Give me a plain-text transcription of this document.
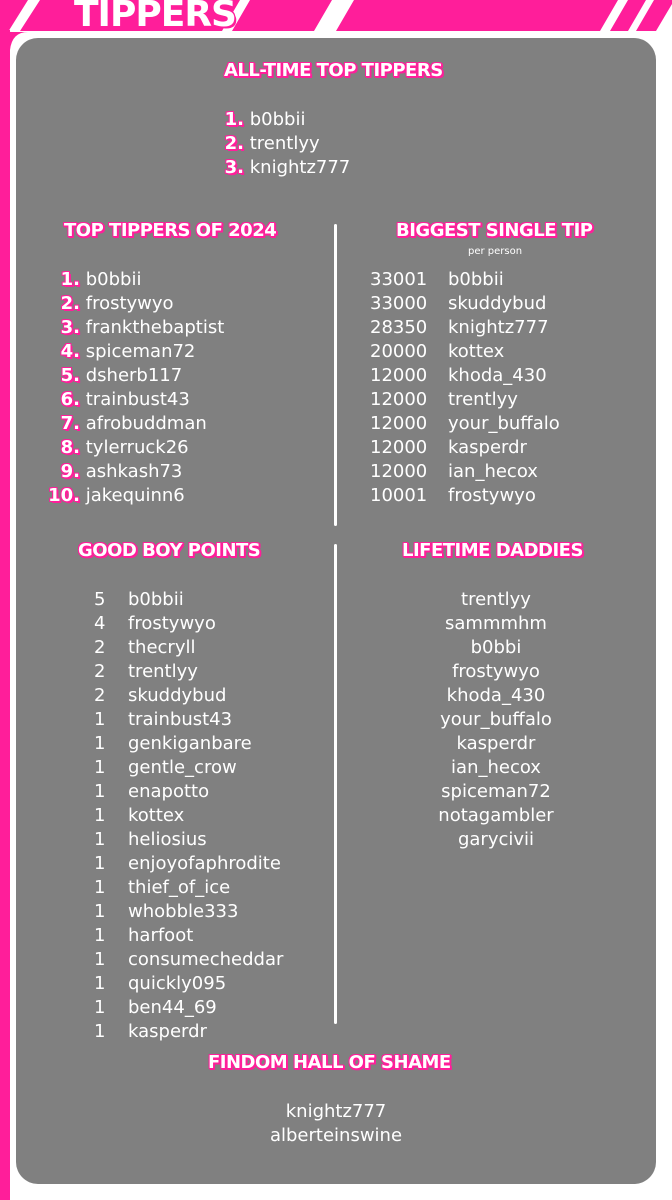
TIPPERS
ALL-TIME TOP TIPPERS
1. b0bbii
2. trentlyy
3. knightz777
TOP TIPPERS OF 2024
1. b0bbii
2. frostywyo
3. frankthebaptist
4. spiceman72
5. dsherb117
6. trainbust43
7. afrobuddman
8. tylerruck26
9. ashkash73
10. jakequinn6
BIGGEST SINGLE TIP
per person
33001 b0bbii
33000 skuddybud
28350 knightz777
20000 kottex
12000 khoda_430
12000 trentlyy
12000 your_buffalo
12000 kasperdr
12000 ian_hecox
10001 frostywyo
GOOD BOY POINTS
5 b0bbii
4 frostywyo
2 thecryll
2 trentlyy
2 skuddybud
1 trainbust43
1 genkiganbare
1 gentle_crow
1 enapotto
1 kottex
1 heliosius
1 enjoyofaphrodite
1 thief_of_ice
1 whobble333
1 harfoot
1 consumecheddar
1 quickly095
1 ben44_69
1 kasperdr
LIFETIME DADDIES
trentlyy
sammmhm
b0bbi
frostywyo
khoda_430
your_buffalo
kasperdr
ian_hecox
spiceman72
notagambler
garycivii
FINDOM HALL OF SHAME
knightz777
alberteinswine
